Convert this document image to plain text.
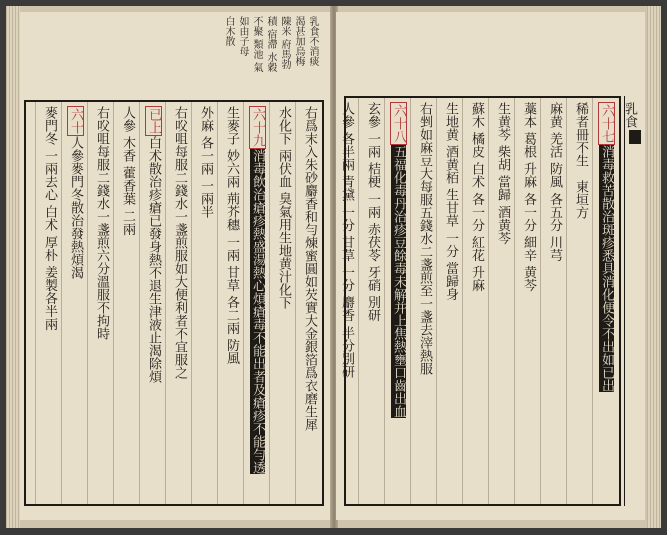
乳食不消痰
渴甚加烏梅
陳米 府馬勃
積 宿滯 水穀
不聚 類池 氣
如由子母
白木散
右爲末入朱砂麝香和勻煉蜜圓如芡實大金銀箔爲衣磨生犀
水化下 兩伏血 臭氣用生地黄汁化下
六十九消毒飲治瘡疹熱盛湯熱心煩瘡毒不能出者及瘡疹不能勻透
生麥子 妙六兩 荊芥穗 一兩 甘草 各二兩 防風
外麻 各一兩 一兩半
右㕮咀每服二錢水一盞煎服如大便利者不宜服之
已上白术散治疹瘡已發身熱不退生津液止渴除煩
人參 木香 藿香葉 二兩
右㕮咀每服二錢水一盞煎六分溫服不拘時
六十人參麥門冬散治發熱煩渴
麥門冬 一兩去心 白术 厚朴 姜製各半兩	六十七消毒救苦散治斑疹悉具消化便令不出如已出
稀者冊不生　東垣方
麻黄 羌活 防風 各五分 川芎
藁本 葛根 升麻 各一分 細辛 黄芩
生黄芩 柴胡 當歸 酒黄芩
蘇木 橘皮 白术 各一分 紅花 升麻
生地黄 酒黄栢 生甘草 一分 當歸身
右剉如麻豆大每服五錢水二盞煎至一盞去滓熱服
六十八五福化毒丹治疹豆餘毒未解并上焦熱壅口齒出血
玄參 一兩 桔梗 一兩 赤茯苓 牙硝 別研
人參 各半兩 青黛 一分 甘草 一分 麝香 半分別研	乳食
